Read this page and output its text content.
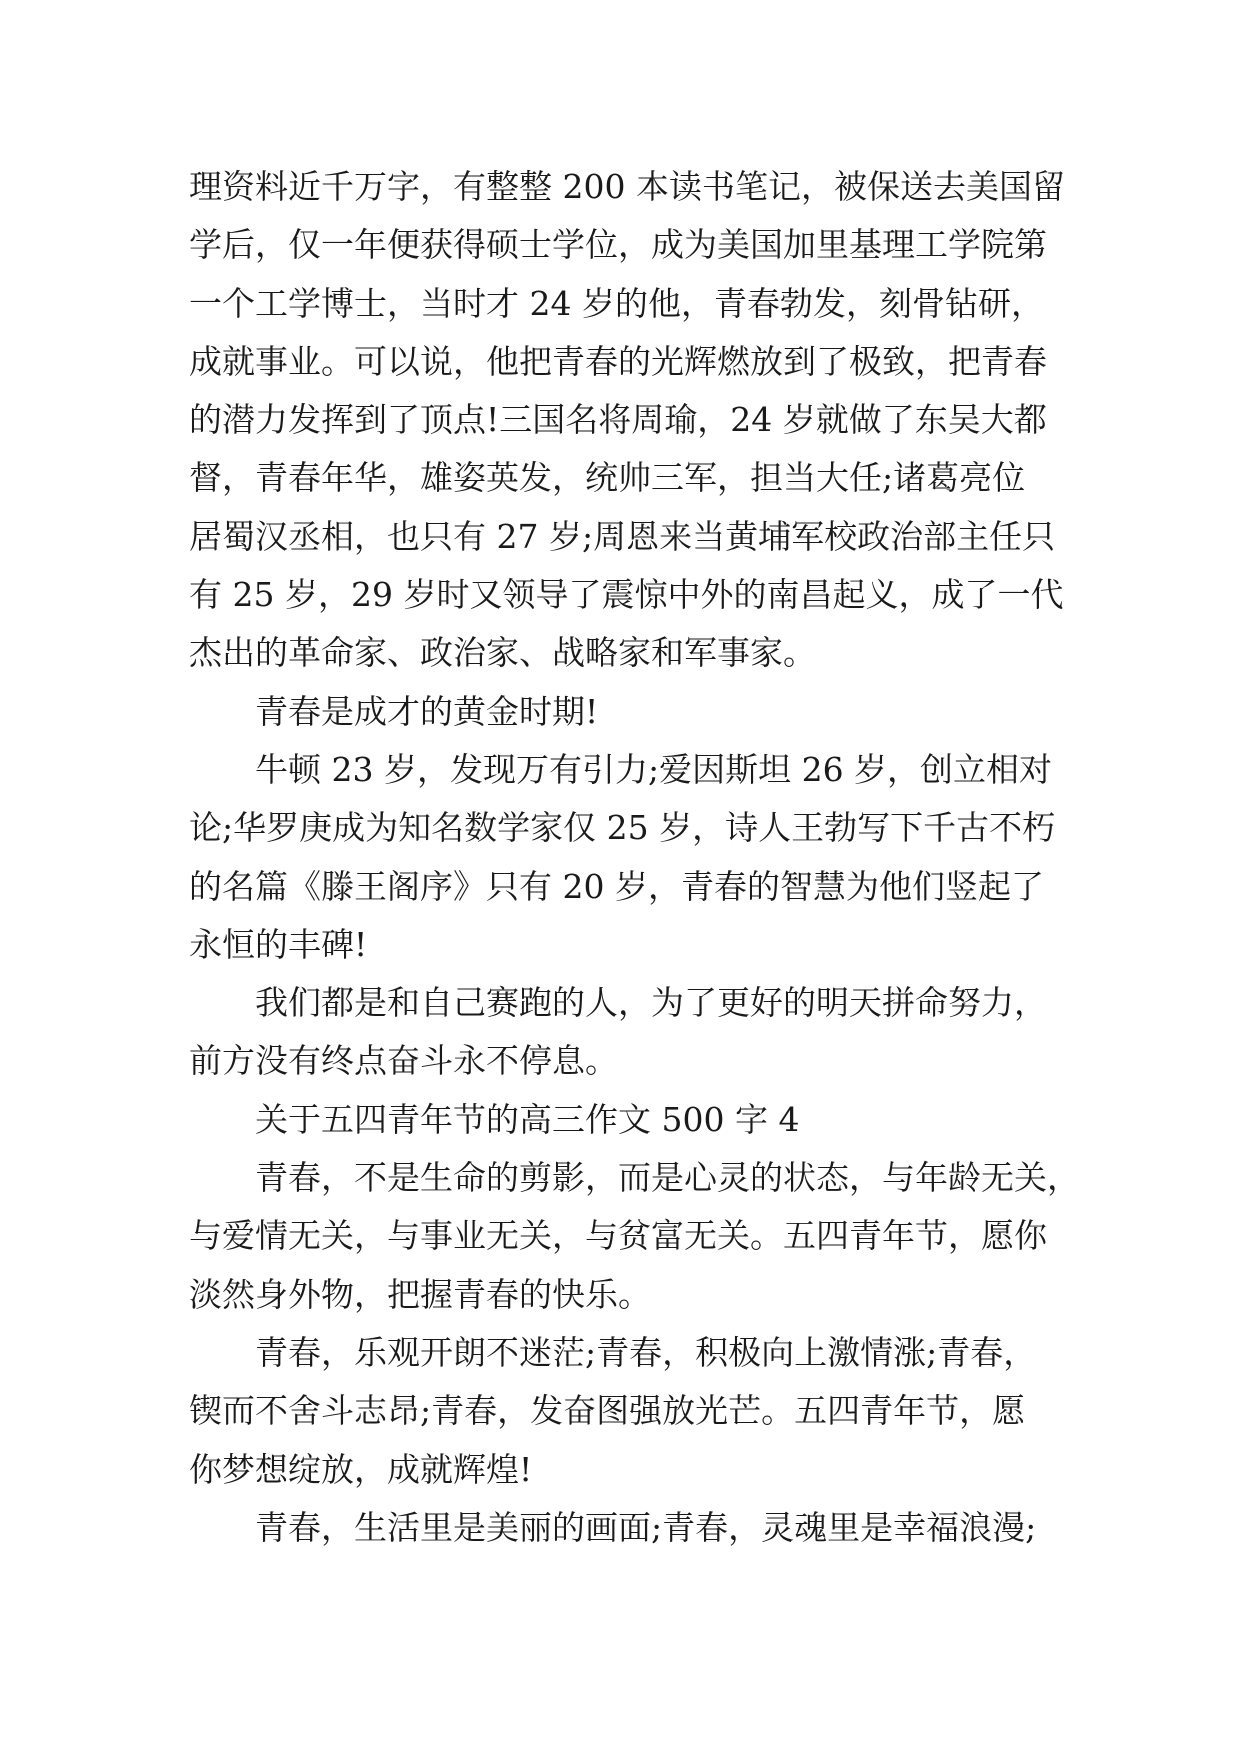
理资料近千万字，有整整 200 本读书笔记，被保送去美国留
学后，仅一年便获得硕士学位，成为美国加里基理工学院第
一个工学博士，当时才 24 岁的他，青春勃发，刻骨钻研，
成就事业。可以说，他把青春的光辉燃放到了极致，把青春
的潜力发挥到了顶点!三国名将周瑜，24 岁就做了东吴大都
督，青春年华，雄姿英发，统帅三军，担当大任;诸葛亮位
居蜀汉丞相，也只有 27 岁;周恩来当黄埔军校政治部主任只
有 25 岁，29 岁时又领导了震惊中外的南昌起义，成了一代
杰出的革命家、政治家、战略家和军事家。
青春是成才的黄金时期!
牛顿 23 岁，发现万有引力;爱因斯坦 26 岁，创立相对
论;华罗庚成为知名数学家仅 25 岁，诗人王勃写下千古不朽
的名篇《滕王阁序》只有 20 岁，青春的智慧为他们竖起了
永恒的丰碑!
我们都是和自己赛跑的人，为了更好的明天拼命努力，
前方没有终点奋斗永不停息。
关于五四青年节的高三作文 500 字 4
青春，不是生命的剪影，而是心灵的状态，与年龄无关，
与爱情无关，与事业无关，与贫富无关。五四青年节，愿你
淡然身外物，把握青春的快乐。
青春，乐观开朗不迷茫;青春，积极向上激情涨;青春，
锲而不舍斗志昂;青春，发奋图强放光芒。五四青年节，愿
你梦想绽放，成就辉煌!
青春，生活里是美丽的画面;青春，灵魂里是幸福浪漫;
